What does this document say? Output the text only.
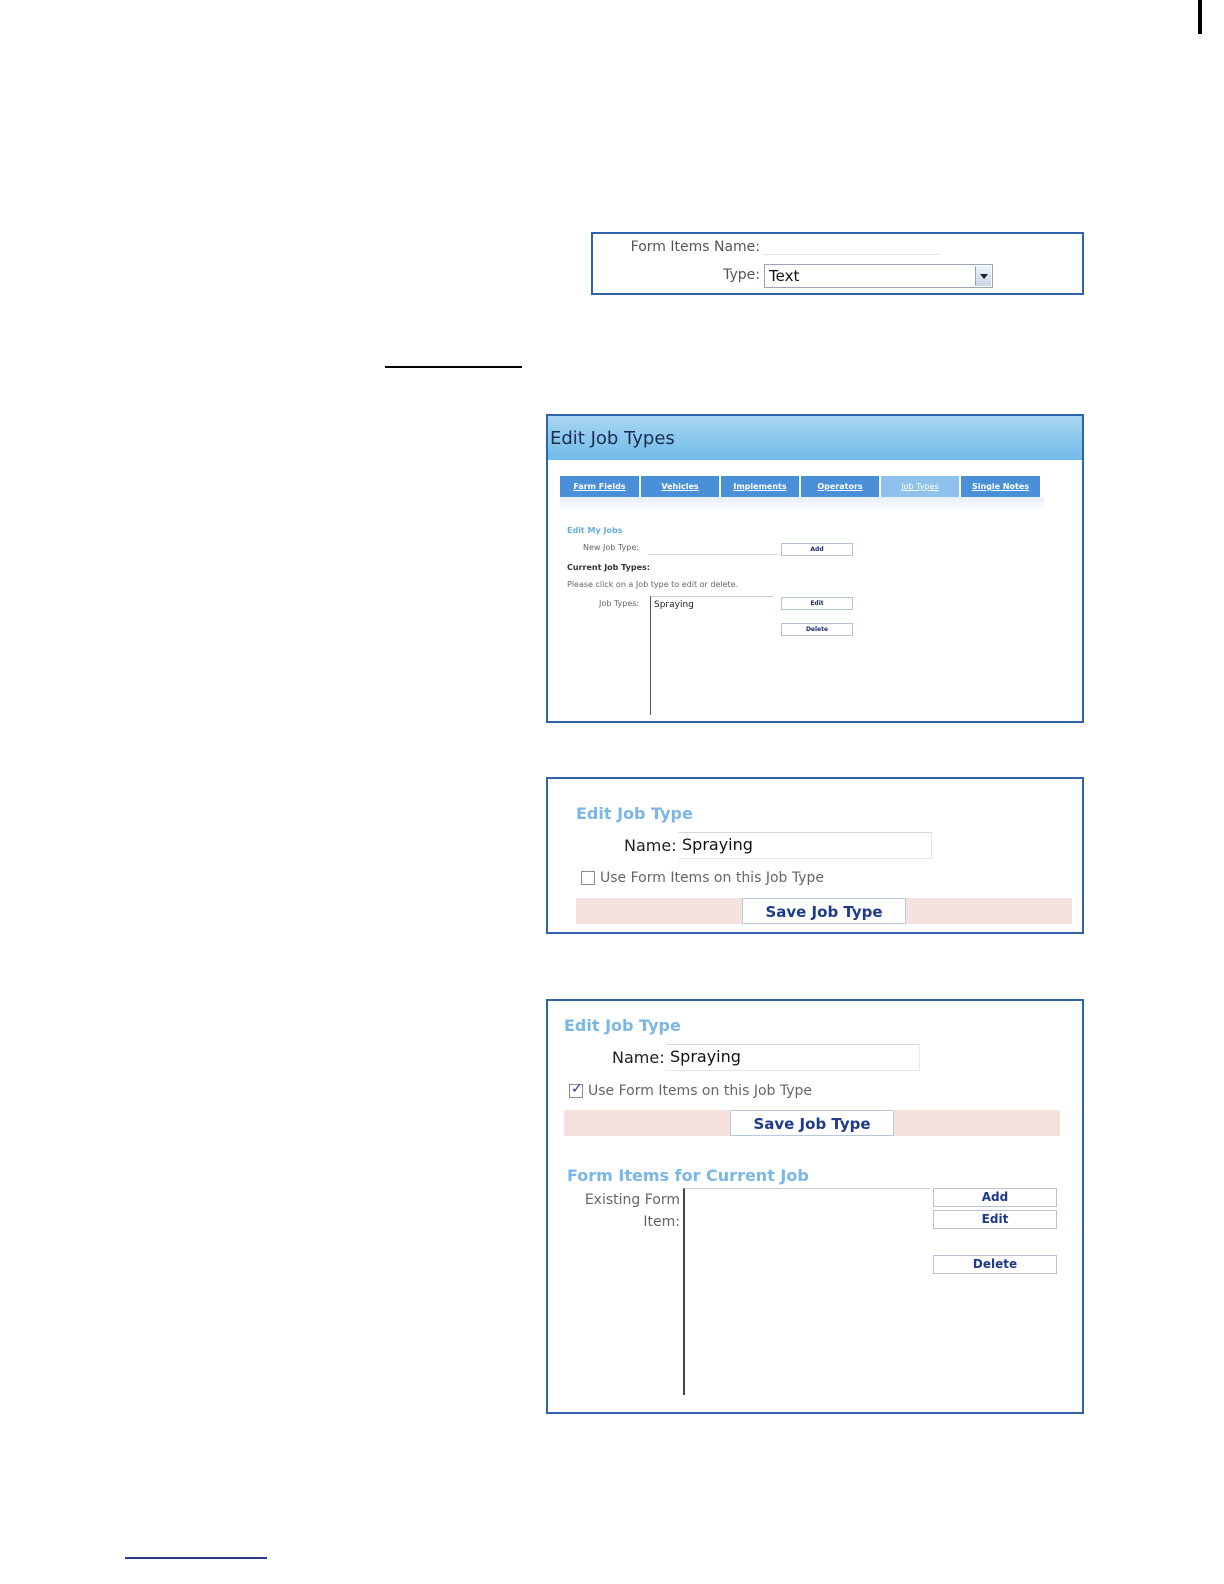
Form Items Name:
Type: Text
Edit Job Types
Farm Fields	Vehicles	Implements	Operators	Job Types	Single Notes
Edit My Jobs
New Job Type:	Add
Current Job Types:
Please click on a Job type to edit or delete.
Job Types:	Spraying	Edit
Delete
Edit Job Type
Name: Spraying
Use Form Items on this Job Type
Save Job Type
Edit Job Type
Name: Spraying
✓
Use Form Items on this Job Type
Save Job Type
Form Items for Current Job
Existing Form
Item:
Add
Edit
Delete
